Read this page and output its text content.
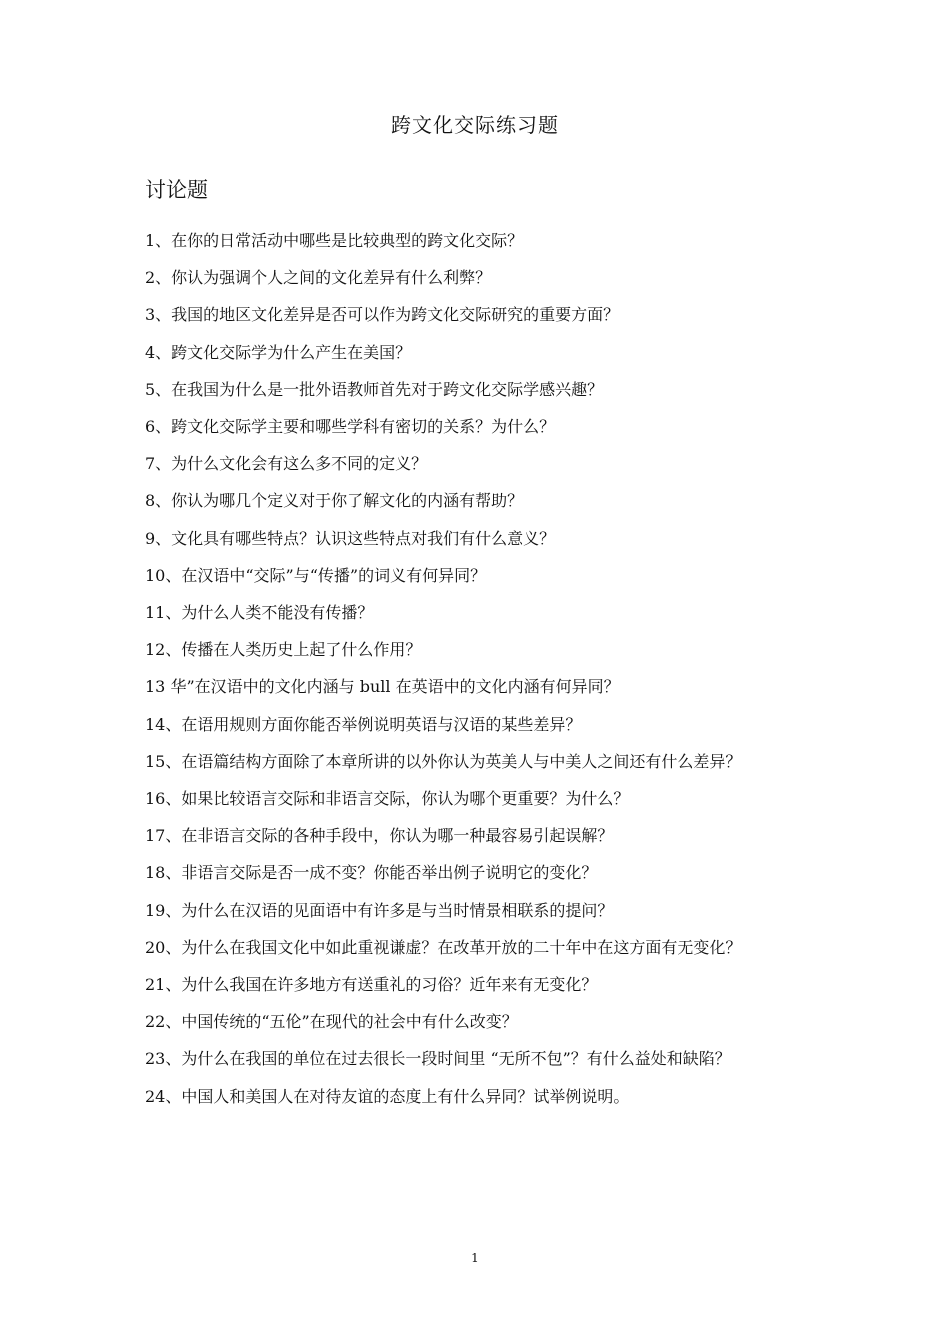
跨文化交际练习题
讨论题
1、在你的日常活动中哪些是比较典型的跨文化交际？
2、你认为强调个人之间的文化差异有什么利弊？
3、我国的地区文化差异是否可以作为跨文化交际研究的重要方面？
4、跨文化交际学为什么产生在美国？
5、在我国为什么是一批外语教师首先对于跨文化交际学感兴趣？
6、跨文化交际学主要和哪些学科有密切的关系？为什么？
7、为什么文化会有这么多不同的定义？
8、你认为哪几个定义对于你了解文化的内涵有帮助？
9、文化具有哪些特点？认识这些特点对我们有什么意义？
10、在汉语中“交际”与“传播”的词义有何异同？
11、为什么人类不能没有传播？
12、传播在人类历史上起了什么作用？
13 华”在汉语中的文化内涵与 bull 在英语中的文化内涵有何异同？
14、在语用规则方面你能否举例说明英语与汉语的某些差异？
15、在语篇结构方面除了本章所讲的以外你认为英美人与中美人之间还有什么差异？
16、如果比较语言交际和非语言交际，你认为哪个更重要？为什么？
17、在非语言交际的各种手段中，你认为哪一种最容易引起误解？
18、非语言交际是否一成不变？你能否举出例子说明它的变化？
19、为什么在汉语的见面语中有许多是与当时情景相联系的提问？
20、为什么在我国文化中如此重视谦虚？在改革开放的二十年中在这方面有无变化？
21、为什么我国在许多地方有送重礼的习俗？近年来有无变化？
22、中国传统的“五伦”在现代的社会中有什么改变？
23、为什么在我国的单位在过去很长一段时间里 “无所不包”？有什么益处和缺陷？
24、中国人和美国人在对待友谊的态度上有什么异同？试举例说明。
1
